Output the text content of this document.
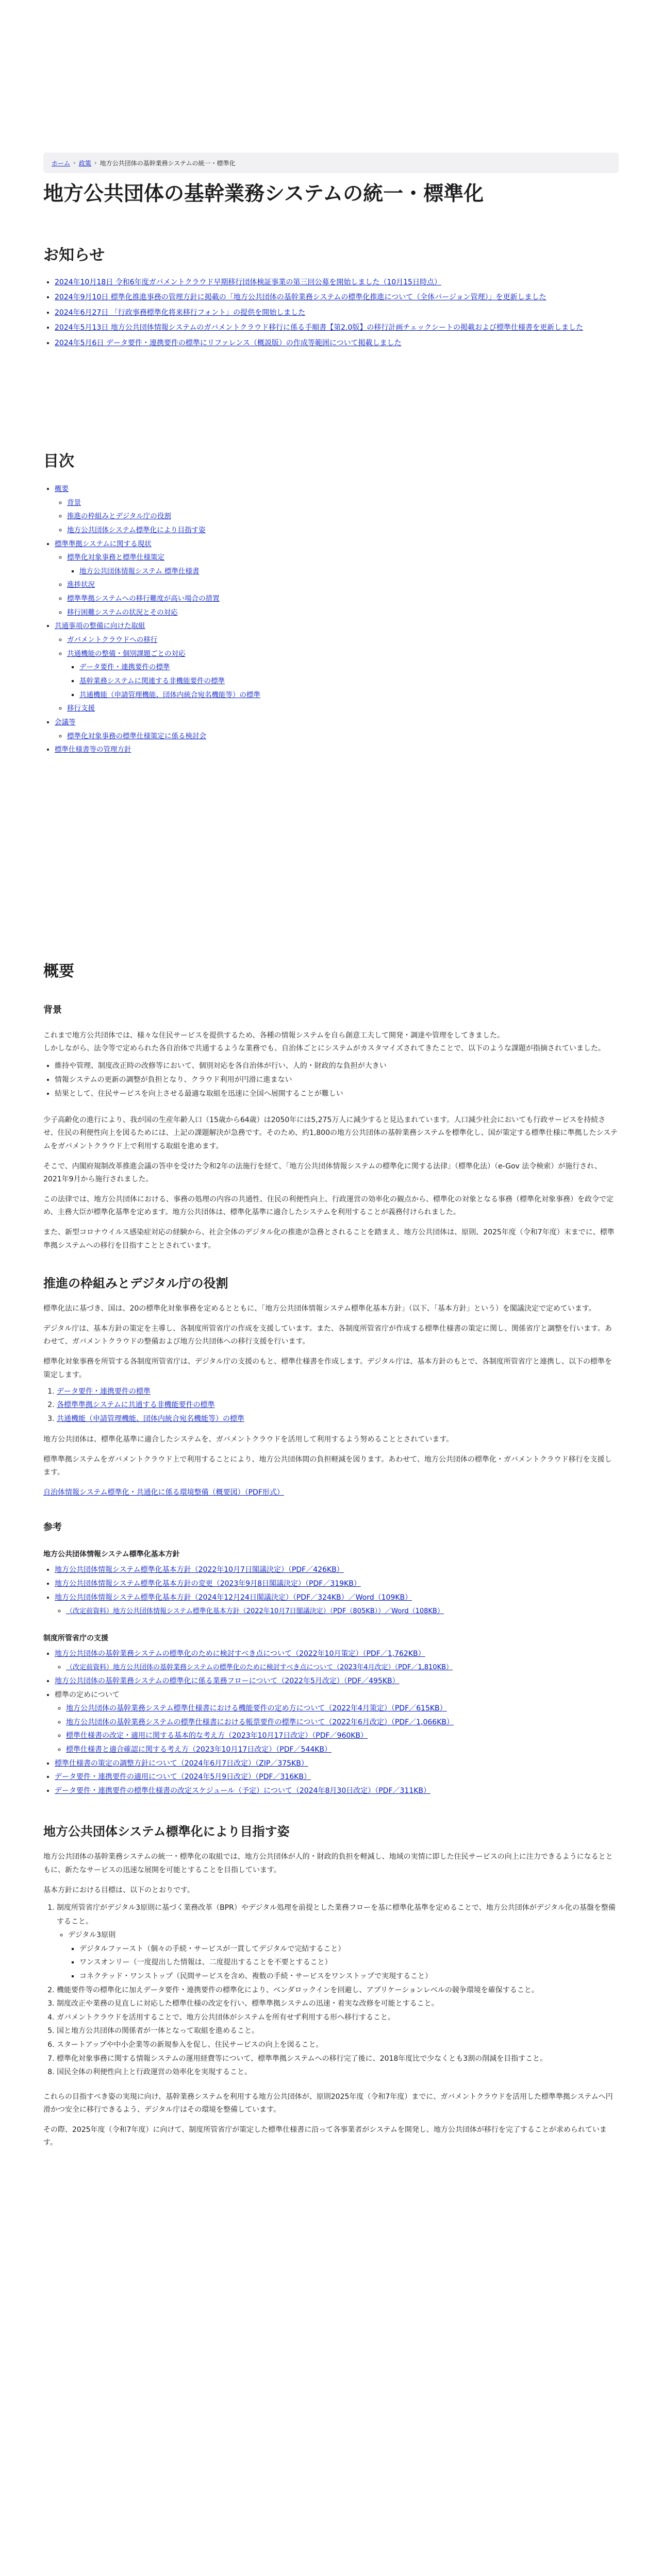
ホーム › 政策 › 地方公共団体の基幹業務システムの統一・標準化
地方公共団体の基幹業務システムの統一・標準化
お知らせ
• 2024年10月18日 令和6年度ガバメントクラウド早期移行団体検証事業の第三回公募を開始しました（10月15日時点）
• 2024年9月10日 標準化推進事務の管理方針に掲載の「地方公共団体の基幹業務システムの標準化推進について（全体バージョン管理）」を更新しました
• 2024年6月27日 「行政事務標準化将来移行フォント」の提供を開始しました
• 2024年5月13日 地方公共団体情報システムのガバメントクラウド移行に係る手順書【第2.0版】の移行計画チェックシートの掲載および標準仕様書を更新しました
• 2024年5月6日 データ要件・連携要件の標準にリファレンス（概説版）の作成等範囲について掲載しました
目次
• 概要
◦ 背景
◦ 推進の枠組みとデジタル庁の役割
◦ 地方公共団体システム標準化により目指す姿
• 標準準拠システムに関する現状
◦ 標準化対象事務と標準仕様策定
▪ 地方公共団体情報システム 標準仕様書
◦ 進捗状況
◦ 標準準拠システムへの移行難度が高い場合の措置
◦ 移行困難システムの状況とその対応
• 共通事項の整備に向けた取組
◦ ガバメントクラウドへの移行
◦ 共通機能の整備・個別課題ごとの対応
▪ データ要件・連携要件の標準
▪ 基幹業務システムに関連する非機能要件の標準
▪ 共通機能（申請管理機能、団体内統合宛名機能等）の標準
◦ 移行支援
• 会議等
◦ 標準化対象事務の標準仕様策定に係る検討会
• 標準仕様書等の管理方針
概要
背景

これまで地方公共団体では、様々な住民サービスを提供するため、各種の情報システムを自ら創意工夫して開発・調達や管理をしてきました。

しかしながら、法令等で定められた各自治体で共通するような業務でも、自治体ごとにシステムがカスタマイズされてきたことで、以下のような課題が指摘されていました。

• 維持や管理、制度改正時の改修等において、個別対応を各自治体が行い、人的・財政的な負担が大きい
• 情報システムの更新の調整が負担となり、クラウド利用が円滑に進まない
• 結果として、住民サービスを向上させる最適な取組を迅速に全国へ展開することが難しい

少子高齢化の進行により、我が国の生産年齢人口（15歳から64歳）は2050年には5,275万人に減少すると見込まれています。人口減少社会においても行政サービスを持続させ、住民の利便性向上を図るためには、上記の課題解決が急務です。そのため、約1,800の地方公共団体の基幹業務システムを標準化し、国が策定する標準仕様に準拠したシステムをガバメントクラウド上で利用する取組を進めます。

そこで、内閣府規制改革推進会議の答申を受けた令和2年の法施行を経て、「地方公共団体情報システムの標準化に関する法律」（標準化法）（e-Gov 法令検索）が施行され、2021年9月から施行されました。

この法律では、地方公共団体における、事務の処理の内容の共通性、住民の利便性向上、行政運営の効率化の観点から、標準化の対象となる事務（標準化対象事務）を政令で定め、主務大臣が標準化基準を定めます。地方公共団体は、標準化基準に適合したシステムを利用することが義務付けられました。

また、新型コロナウイルス感染症対応の経験から、社会全体のデジタル化の推進が急務とされることを踏まえ、地方公共団体は、原則、2025年度（令和7年度）末までに、標準準拠システムへの移行を目指すこととされています。

推進の枠組みとデジタル庁の役割

標準化法に基づき、国は、20の標準化対象事務を定めるとともに、「地方公共団体情報システム標準化基本方針」（以下、「基本方針」という）を閣議決定で定めています。

デジタル庁は、基本方針の策定を主導し、各制度所管省庁の作成を支援しています。また、各制度所管省庁が作成する標準仕様書の策定に関し、関係省庁と調整を行います。あわせて、ガバメントクラウドの整備および地方公共団体への移行支援を行います。

標準化対象事務を所管する各制度所管省庁は、デジタル庁の支援のもと、標準仕様書を作成します。デジタル庁は、基本方針のもとで、各制度所管省庁と連携し、以下の標準を策定します。

1. データ要件・連携要件の標準
2. 各標準準拠システムに共通する非機能要件の標準
3. 共通機能（申請管理機能、団体内統合宛名機能等）の標準

地方公共団体は、標準化基準に適合したシステムを、ガバメントクラウドを活用して利用するよう努めることとされています。

標準準拠システムをガバメントクラウド上で利用することにより、地方公共団体間の負担軽減を図ります。あわせて、地方公共団体の標準化・ガバメントクラウド移行を支援します。

自治体情報システム標準化・共通化に係る環境整備（概要図）（PDF形式）

参考
地方公共団体情報システム標準化基本方針
• 地方公共団体情報システム標準化基本方針（2022年10月7日閣議決定）（PDF／426KB）
• 地方公共団体情報システム標準化基本方針の変更（2023年9月8日閣議決定）（PDF／319KB）
• 地方公共団体情報システム標準化基本方針（2024年12月24日閣議決定）（PDF／324KB）／Word（109KB）
◦ （改定前資料）地方公共団体情報システム標準化基本方針（2022年10月7日閣議決定）（PDF（805KB））／Word（108KB）
制度所管省庁の支援
• 地方公共団体の基幹業務システムの標準化のために検討すべき点について（2022年10月策定）（PDF／1,762KB）
◦ （改定前資料）地方公共団体の基幹業務システムの標準化のために検討すべき点について（2023年4月改定）（PDF／1,810KB）
• 地方公共団体の基幹業務システムの標準化に係る業務フローについて（2022年5月改定）（PDF／495KB）
• 標準の定めについて
◦ 地方公共団体の基幹業務システム標準仕様書における機能要件の定め方について（2022年4月策定）（PDF／615KB）
◦ 地方公共団体の基幹業務システムの標準仕様書における帳票要件の標準について（2022年6月改定）（PDF／1,066KB）
◦ 標準仕様書の改定・適用に関する基本的な考え方（2023年10月17日改定）（PDF／960KB）
◦ 標準仕様書と適合確認に関する考え方（2023年10月17日改定）（PDF／544KB）
• 標準仕様書の策定の調整方針について（2024年6月7日改定）（ZIP／375KB）
• データ要件・連携要件の適用について（2024年5月9日改定）（PDF／316KB）
• データ要件・連携要件の標準仕様書の改定スケジュール（予定）について（2024年8月30日改定）（PDF／311KB）
地方公共団体システム標準化により目指す姿

地方公共団体の基幹業務システムの統一・標準化の取組では、地方公共団体が人的・財政的負担を軽減し、地域の実情に即した住民サービスの向上に注力できるようになるとともに、新たなサービスの迅速な展開を可能とすることを目指しています。

基本方針における目標は、以下のとおりです。

1. 制度所管省庁がデジタル3原則に基づく業務改革（BPR）やデジタル処理を前提とした業務フローを基に標準化基準を定めることで、地方公共団体がデジタル化の基盤を整備すること。
◦ デジタル3原則
▪ デジタルファースト（個々の手続・サービスが一貫してデジタルで完結すること）
▪ ワンスオンリー（一度提出した情報は、二度提出することを不要とすること）
▪ コネクテッド・ワンストップ（民間サービスを含め、複数の手続・サービスをワンストップで実現すること）
2. 機能要件等の標準化に加えデータ要件・連携要件の標準化により、ベンダロックインを回避し、アプリケーションレベルの競争環境を確保すること。
3. 制度改正や業務の見直しに対応した標準仕様の改定を行い、標準準拠システムの迅速・着実な改修を可能とすること。
4. ガバメントクラウドを活用することで、地方公共団体がシステムを所有せず利用する形へ移行すること。
5. 国と地方公共団体の関係者が一体となって取組を進めること。
6. スタートアップや中小企業等の新規参入を促し、住民サービスの向上を図ること。
7. 標準化対象事務に関する情報システムの運用経費等について、標準準拠システムへの移行完了後に、2018年度比で少なくとも3割の削減を目指すこと。
8. 国民全体の利便性向上と行政運営の効率化を実現すること。

これらの目指すべき姿の実現に向け、基幹業務システムを利用する地方公共団体が、原則2025年度（令和7年度）までに、ガバメントクラウドを活用した標準準拠システムへ円滑かつ安全に移行できるよう、デジタル庁はその環境を整備しています。

その際、2025年度（令和7年度）に向けて、制度所管省庁が策定した標準仕様書に沿って各事業者がシステムを開発し、地方公共団体が移行を完了することが求められています。
